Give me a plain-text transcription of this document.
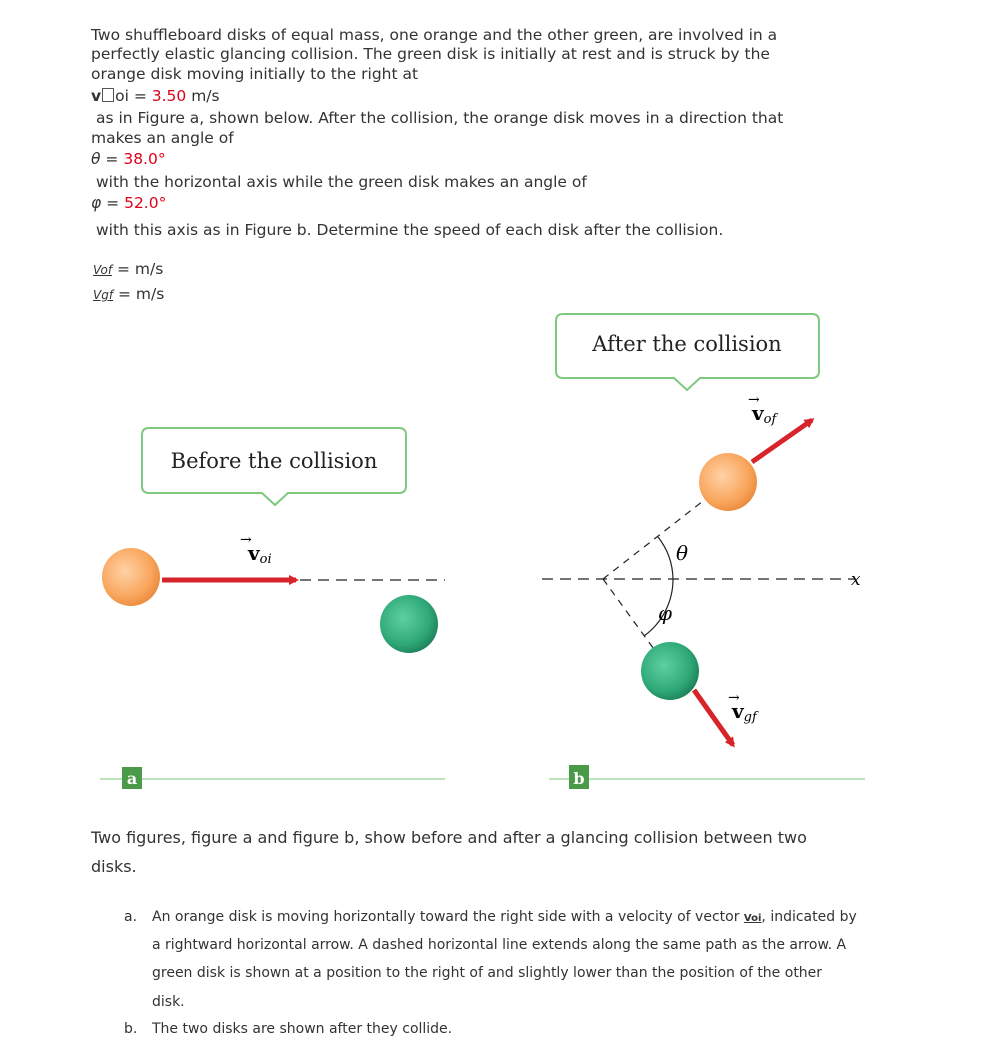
Two shuffleboard disks of equal mass, one orange and the other green, are involved in a

perfectly elastic glancing collision. The green disk is initially at rest and is struck by the

orange disk moving initially to the right at

v oi = 3.50 m/s

as in Figure a, shown below. After the collision, the orange disk moves in a direction that

makes an angle of

θ = 38.0°

with the horizontal axis while the green disk makes an angle of

φ = 52.0°

with this axis as in Figure b. Determine the speed of each disk after the collision.

Vof = m/s

Vgf = m/s

After the collision
Before the collision
voi
→
x
θ
φ
vof
→
vgf
→
a	b

Two figures, figure a and figure b, show before and after a glancing collision between two

disks.

a. An orange disk is moving horizontally toward the right side with a velocity of vector Voi, indicated by

a rightward horizontal arrow. A dashed horizontal line extends along the same path as the arrow. A

green disk is shown at a position to the right of and slightly lower than the position of the other

disk.

b. The two disks are shown after they collide.
